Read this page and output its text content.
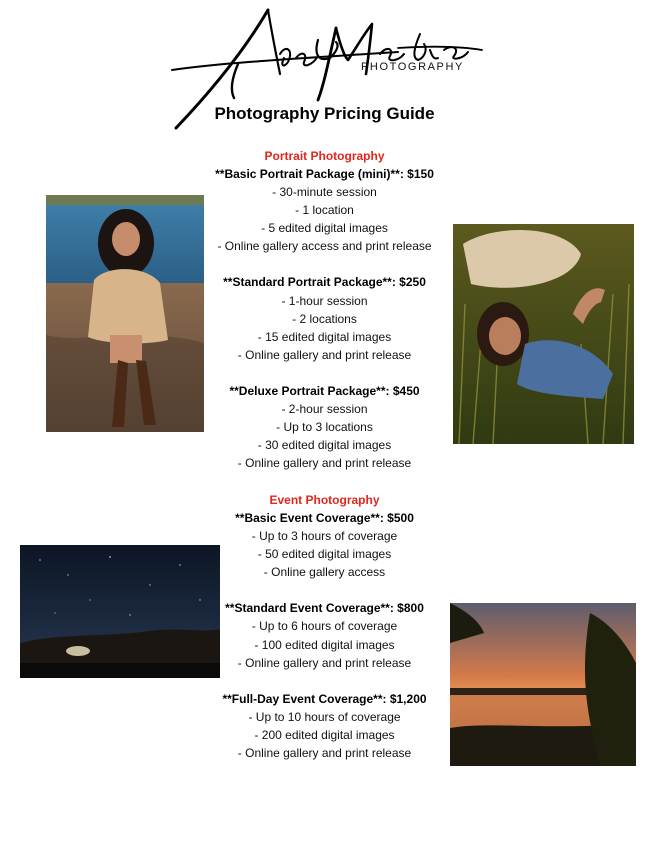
PHOTOGRAPHY
Photography Pricing Guide
Portrait Photography
**Basic Portrait Package (mini)**: $150
- 30-minute session
- 1 location
- 5 edited digital images
- Online gallery access and print release
**Standard Portrait Package**: $250
- 1-hour session
- 2 locations
- 15 edited digital images
- Online gallery and print release
**Deluxe Portrait Package**: $450
- 2-hour session
- Up to 3 locations
- 30 edited digital images
- Online gallery and print release
Event Photography
**Basic Event Coverage**: $500
- Up to 3 hours of coverage
- 50 edited digital images
- Online gallery access
**Standard Event Coverage**: $800
- Up to 6 hours of coverage
- 100 edited digital images
- Online gallery and print release
**Full-Day Event Coverage**: $1,200
- Up to 10 hours of coverage
- 200 edited digital images
- Online gallery and print release
